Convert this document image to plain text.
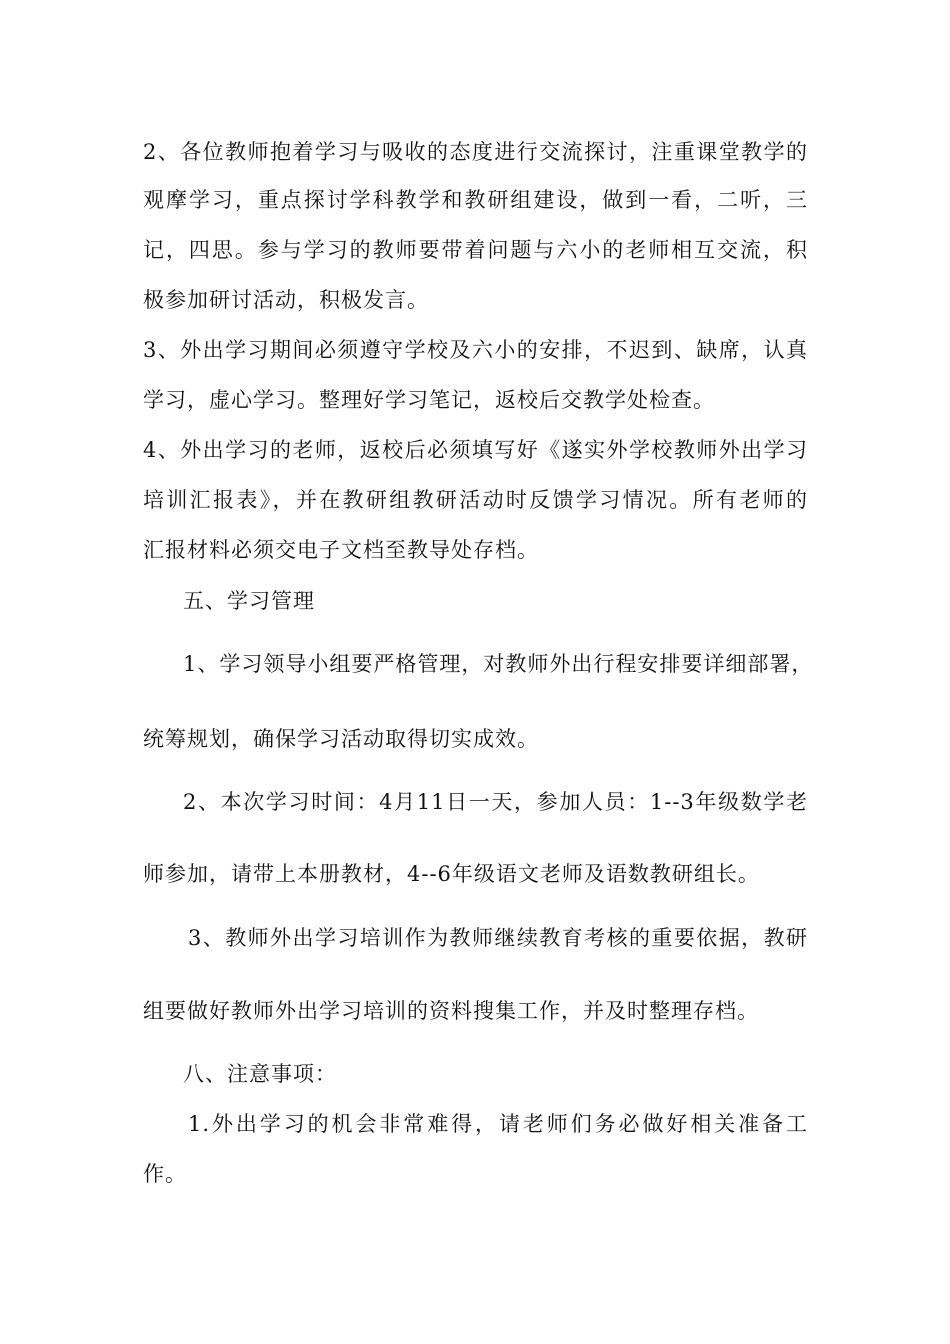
2、各位教师抱着学习与吸收的态度进行交流探讨，注重课堂教学的
观摩学习，重点探讨学科教学和教研组建设，做到一看，二听，三
记，四思。参与学习的教师要带着问题与六小的老师相互交流，积
极参加研讨活动，积极发言。
3、外出学习期间必须遵守学校及六小的安排，不迟到、缺席，认真
学习，虚心学习。整理好学习笔记，返校后交教学处检查。
4、外出学习的老师，返校后必须填写好《遂实外学校教师外出学习
培训汇报表》，并在教研组教研活动时反馈学习情况。所有老师的
汇报材料必须交电子文档至教导处存档。
五、学习管理
1、学习领导小组要严格管理，对教师外出行程安排要详细部署，
统筹规划，确保学习活动取得切实成效。
2、本次学习时间：4月11日一天，参加人员：1--3年级数学老
师参加，请带上本册教材，4--6年级语文老师及语数教研组长。
3、教师外出学习培训作为教师继续教育考核的重要依据，教研
组要做好教师外出学习培训的资料搜集工作，并及时整理存档。
八、注意事项：
1.外出学习的机会非常难得，请老师们务必做好相关准备工
作。
